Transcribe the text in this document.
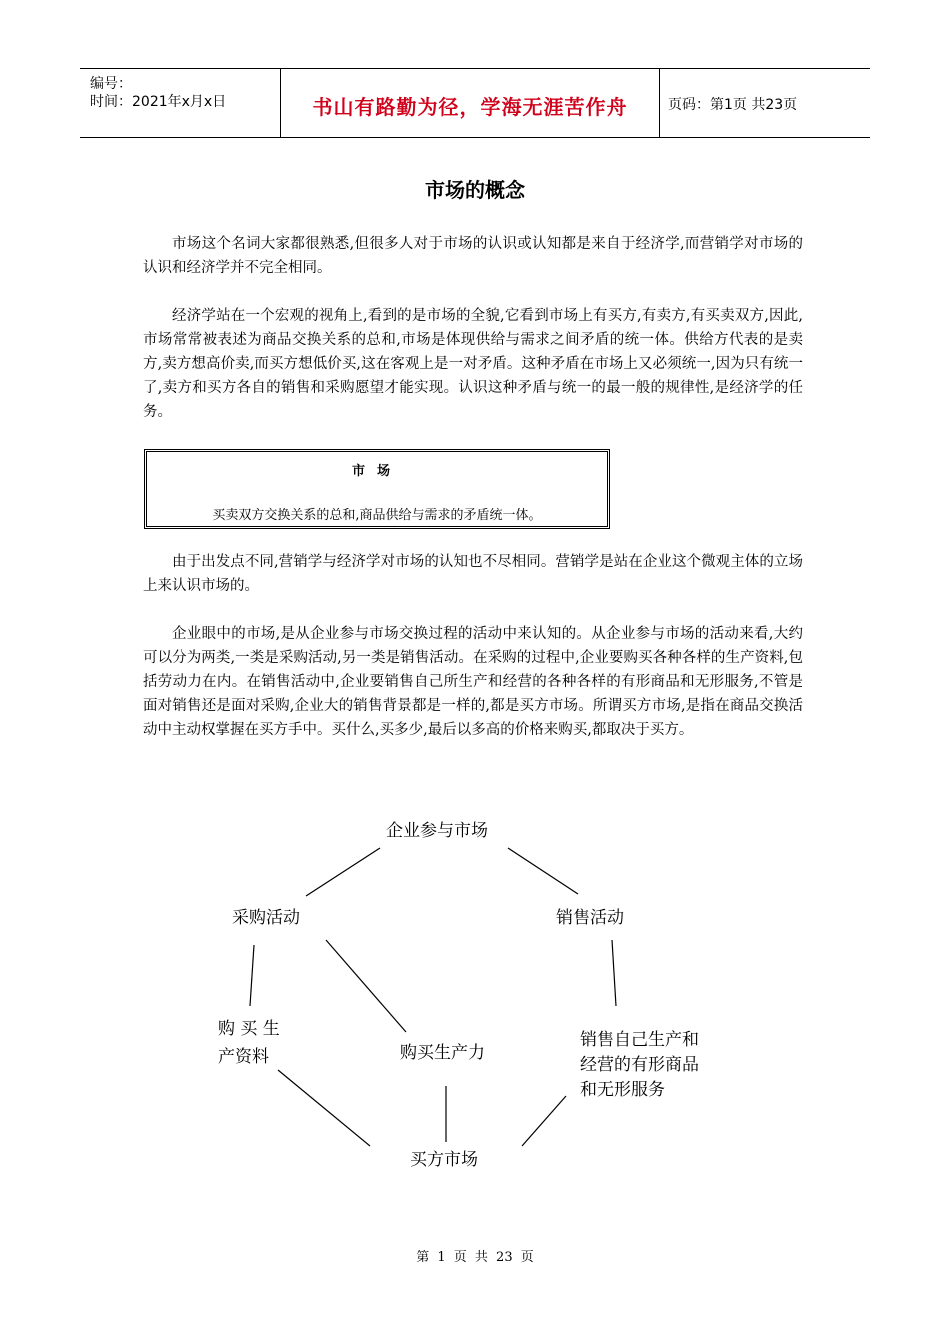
编号：
时间：2021年x月x日	书山有路勤为径，学海无涯苦作舟	页码：第1页 共23页
市场的概念

市场这个名词大家都很熟悉,但很多人对于市场的认识或认知都是来自于经济学,而营销学对市场的认识和经济学并不完全相同。

经济学站在一个宏观的视角上,看到的是市场的全貌,它看到市场上有买方,有卖方,有买卖双方,因此,市场常常被表述为商品交换关系的总和,市场是体现供给与需求之间矛盾的统一体。供给方代表的是卖方,卖方想高价卖,而买方想低价买,这在客观上是一对矛盾。这种矛盾在市场上又必须统一,因为只有统一了,卖方和买方各自的销售和采购愿望才能实现。认识这种矛盾与统一的最一般的规律性,是经济学的任务。

市场
买卖双方交换关系的总和,商品供给与需求的矛盾统一体。

由于出发点不同,营销学与经济学对市场的认知也不尽相同。营销学是站在企业这个微观主体的立场上来认识市场的。

企业眼中的市场,是从企业参与市场交换过程的活动中来认知的。从企业参与市场的活动来看,大约可以分为两类,一类是采购活动,另一类是销售活动。在采购的过程中,企业要购买各种各样的生产资料,包括劳动力在内。在销售活动中,企业要销售自己所生产和经营的各种各样的有形商品和无形服务,不管是面对销售还是面对采购,企业大的销售背景都是一样的,都是买方市场。所谓买方市场,是指在商品交换活动中主动权掌握在买方手中。买什么,买多少,最后以多高的价格来购买,都取决于买方。

企业参与市场
采购活动	销售活动
购 买 生
产资料	购买生产力
销售自己生产和
经营的有形商品
和无形服务
买方市场
第 1 页 共 23 页
